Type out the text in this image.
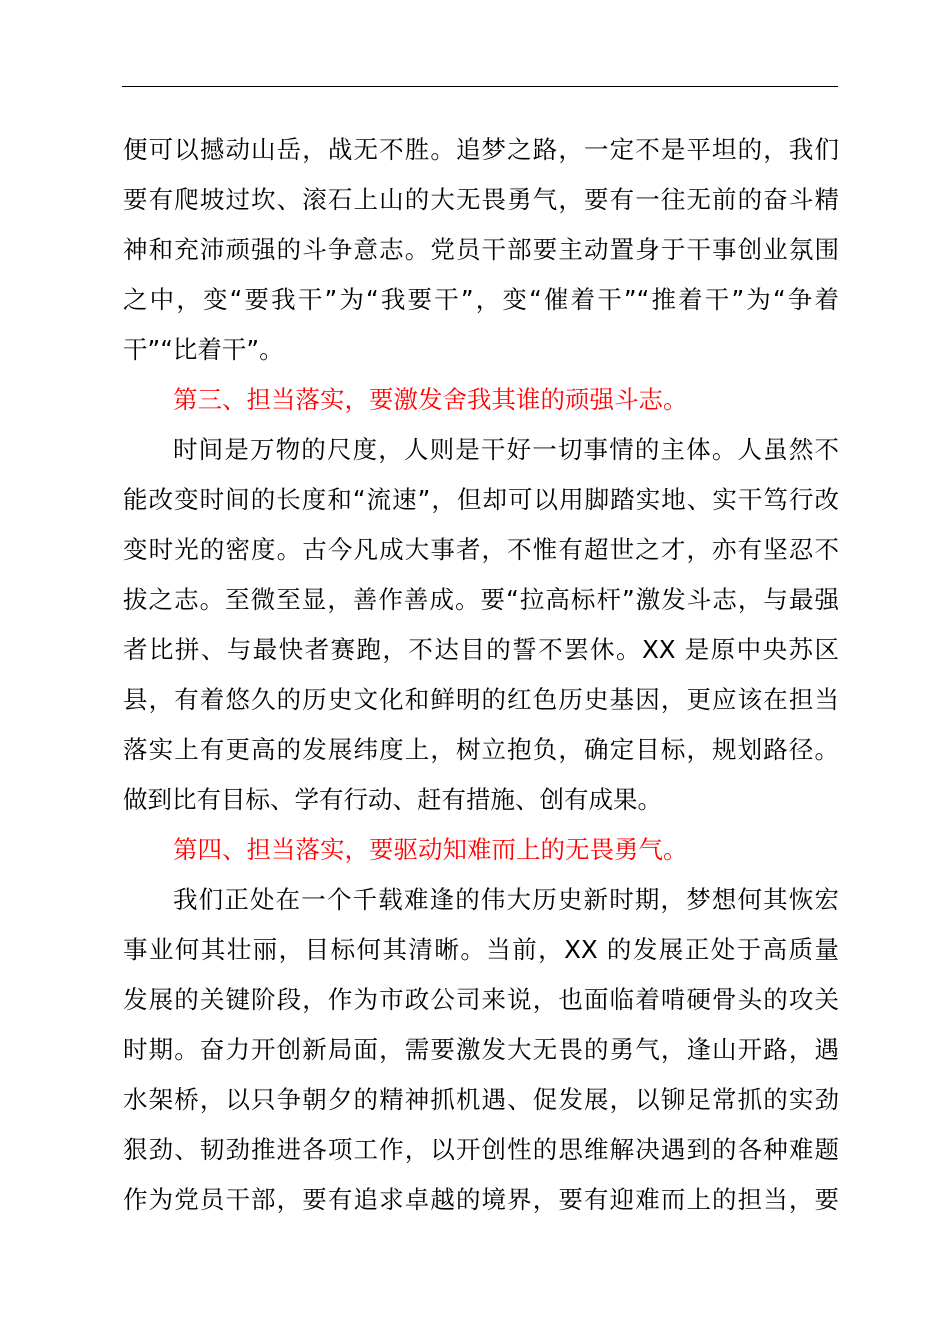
便可以撼动山岳，战无不胜。追梦之路，一定不是平坦的，我们
要有爬坡过坎、滚石上山的大无畏勇气，要有一往无前的奋斗精
神和充沛顽强的斗争意志。党员干部要主动置身于干事创业氛围
之中，变“要我干”为“我要干”，变“催着干”“推着干”为“争着
干”“比着干”。
第三、担当落实，要激发舍我其谁的顽强斗志。
时间是万物的尺度，人则是干好一切事情的主体。人虽然不
能改变时间的长度和“流速”，但却可以用脚踏实地、实干笃行改
变时光的密度。古今凡成大事者，不惟有超世之才，亦有坚忍不
拔之志。至微至显，善作善成。要“拉高标杆”激发斗志，与最强
者比拼、与最快者赛跑，不达目的誓不罢休。XX 是原中央苏区
县，有着悠久的历史文化和鲜明的红色历史基因，更应该在担当
落实上有更高的发展纬度上，树立抱负，确定目标，规划路径。
做到比有目标、学有行动、赶有措施、创有成果。
第四、担当落实，要驱动知难而上的无畏勇气。
我们正处在一个千载难逢的伟大历史新时期，梦想何其恢宏
事业何其壮丽，目标何其清晰。当前，XX 的发展正处于高质量
发展的关键阶段，作为市政公司来说，也面临着啃硬骨头的攻关
时期。奋力开创新局面，需要激发大无畏的勇气，逢山开路，遇
水架桥，以只争朝夕的精神抓机遇、促发展，以铆足常抓的实劲
狠劲、韧劲推进各项工作，以开创性的思维解决遇到的各种难题
作为党员干部，要有追求卓越的境界，要有迎难而上的担当，要
